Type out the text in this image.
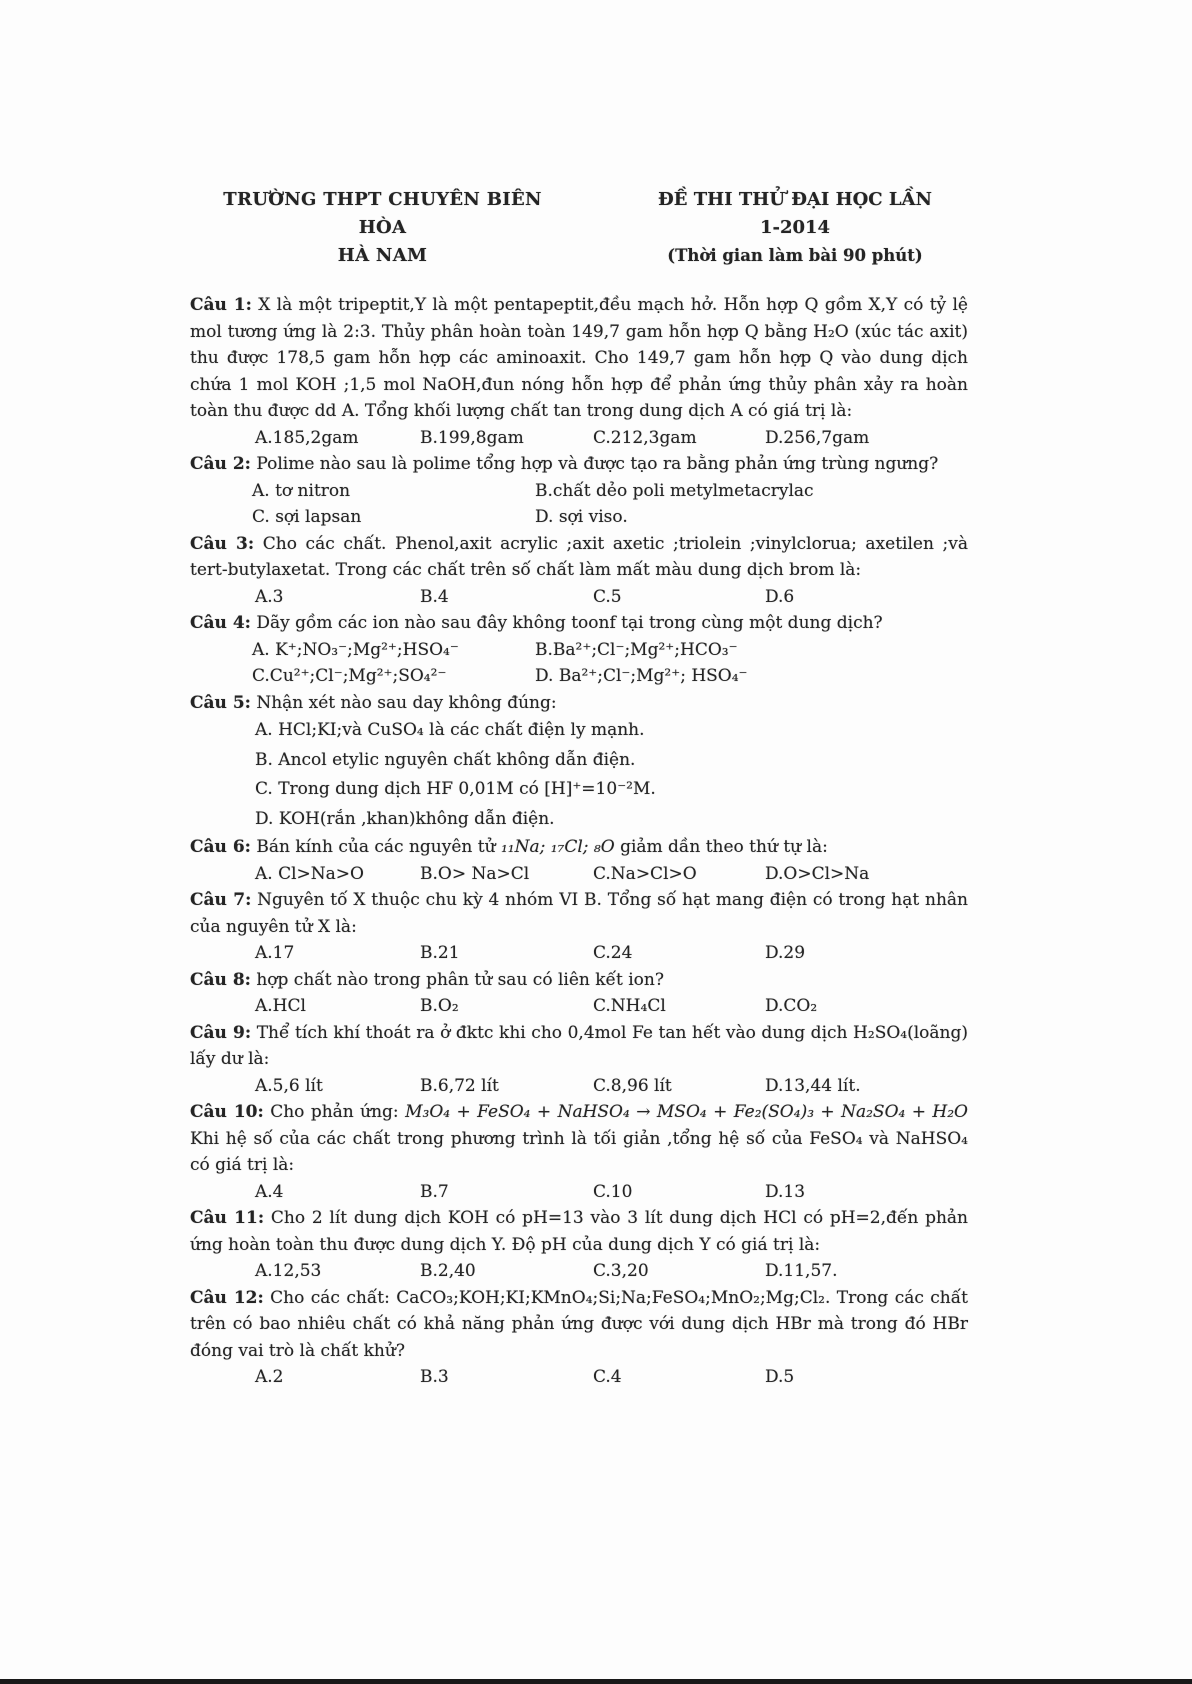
TRƯỜNG THPT CHUYÊN BIÊN HÒA
HÀ NAM
ĐỀ THI THỬ ĐẠI HỌC LẦN 1-2014
(Thời gian làm bài 90 phút)
Câu 1: X là một tripeptit,Y là một pentapeptit,đều mạch hở. Hỗn hợp Q gồm X,Y có tỷ lệ mol tương ứng là 2:3. Thủy phân hoàn toàn 149,7 gam hỗn hợp Q bằng H₂O (xúc tác axit) thu được 178,5 gam hỗn hợp các aminoaxit. Cho 149,7 gam hỗn hợp Q vào dung dịch chứa 1 mol KOH ;1,5 mol NaOH,đun nóng hỗn hợp để phản ứng thủy phân xảy ra hoàn toàn thu được dd A. Tổng khối lượng chất tan trong dung dịch A có giá trị là:
A.185,2gam	B.199,8gam	C.212,3gam	D.256,7gam
Câu 2: Polime nào sau là polime tổng hợp và được tạo ra bằng phản ứng trùng ngưng?
A. tơ nitron	B.chất dẻo poli metylmetacrylac
C. sợi lapsan	D. sợi viso.
Câu 3: Cho các chất. Phenol,axit acrylic ;axit axetic ;triolein ;vinylclorua; axetilen ;và tert-butylaxetat. Trong các chất trên số chất làm mất màu dung dịch brom là:
A.3	B.4	C.5	D.6
Câu 4: Dãy gồm các ion nào sau đây không toonf tại trong cùng một dung dịch?
A. K⁺;NO₃⁻;Mg²⁺;HSO₄⁻	B.Ba²⁺;Cl⁻;Mg²⁺;HCO₃⁻
C.Cu²⁺;Cl⁻;Mg²⁺;SO₄²⁻	D. Ba²⁺;Cl⁻;Mg²⁺; HSO₄⁻
Câu 5: Nhận xét nào sau day không đúng:
A. HCl;KI;và CuSO₄ là các chất điện ly mạnh.
B. Ancol etylic nguyên chất không dẫn điện.
C. Trong dung dịch HF 0,01M có [H]⁺=10⁻²M.
D. KOH(rắn ,khan)không dẫn điện.
Câu 6: Bán kính của các nguyên tử ₁₁Na; ₁₇Cl; ₈O giảm dần theo thứ tự là:
A. Cl>Na>O	B.O> Na>Cl	C.Na>Cl>O	D.O>Cl>Na
Câu 7: Nguyên tố X thuộc chu kỳ 4 nhóm VI B. Tổng số hạt mang điện có trong hạt nhân của nguyên tử X là:
A.17	B.21	C.24	D.29
Câu 8: hợp chất nào trong phân tử sau có liên kết ion?
A.HCl	B.O₂	C.NH₄Cl	D.CO₂
Câu 9: Thể tích khí thoát ra ở đktc khi cho 0,4mol Fe tan hết vào dung dịch H₂SO₄(loãng) lấy dư là:
A.5,6 lít	B.6,72 lít	C.8,96 lít	D.13,44 lít.
Câu 10: Cho phản ứng: M₃O₄ + FeSO₄ + NaHSO₄ → MSO₄ + Fe₂(SO₄)₃ + Na₂SO₄ + H₂O Khi hệ số của các chất trong phương trình là tối giản ,tổng hệ số của FeSO₄ và NaHSO₄ có giá trị là:
A.4	B.7	C.10	D.13
Câu 11: Cho 2 lít dung dịch KOH có pH=13 vào 3 lít dung dịch HCl có pH=2,đến phản ứng hoàn toàn thu được dung dịch Y. Độ pH của dung dịch Y có giá trị là:
A.12,53	B.2,40	C.3,20	D.11,57.
Câu 12: Cho các chất: CaCO₃;KOH;KI;KMnO₄;Si;Na;FeSO₄;MnO₂;Mg;Cl₂. Trong các chất trên có bao nhiêu chất có khả năng phản ứng được với dung dịch HBr mà trong đó HBr đóng vai trò là chất khử?
A.2	B.3	C.4	D.5
